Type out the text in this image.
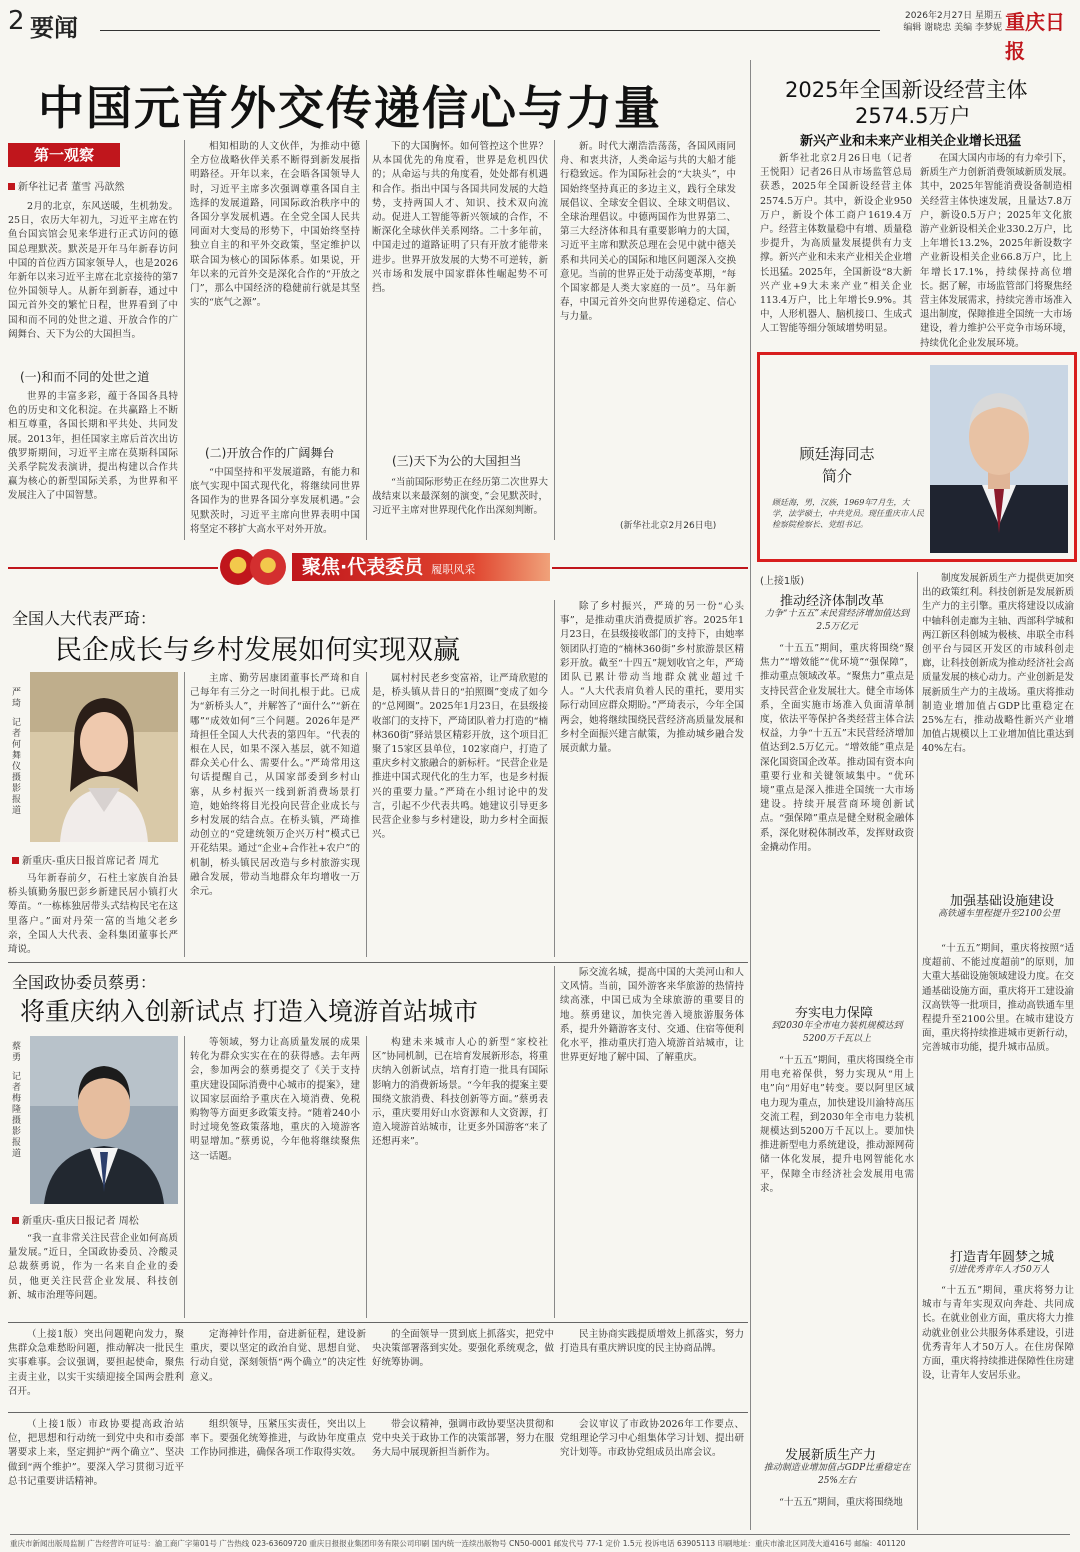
2 要闻	2026年2月27日 星期五
编辑 谢晓忠 美编 李梦妮 重庆日报
中国元首外交传递信心与力量
第一观察
新华社记者 董雪 冯歆然
2月的北京，东风送暖，生机勃发。25日，农历大年初九，习近平主席在钓鱼台国宾馆会见来华进行正式访问的德国总理默茨。默茨是开年马年新春访问中国的首位西方国家领导人，也是2026年新年以来习近平主席在北京接待的第7位外国领导人。从新年到新春，通过中国元首外交的繁忙日程，世界看到了中国和而不同的处世之道、开放合作的广阔舞台、天下为公的大国担当。
(一)和而不同的处世之道
世界的丰富多彩，蕴于各国各具特色的历史和文化积淀。在共赢路上不断相互尊重，各国长期和平共处、共同发展。2013年，担任国家主席后首次出访俄罗斯期间，习近平主席在莫斯科国际关系学院发表演讲，提出构建以合作共赢为核心的新型国际关系，为世界和平发展注入了中国智慧。
相知相助的人文伙伴，为推动中德全方位战略伙伴关系不断得到新发展指明路径。开年以来，在会晤各国领导人时，习近平主席多次强调尊重各国自主选择的发展道路，同国际政治秩序中的各国分享发展机遇。在全党全国人民共同面对大变局的形势下，中国始终坚持独立自主的和平外交政策，坚定维护以联合国为核心的国际体系。如果说，开年以来的元首外交是深化合作的“开放之门”，那么中国经济的稳健前行就是其坚实的“底气之源”。
(二)开放合作的广阔舞台
“中国坚持和平发展道路，有能力和底气实现中国式现代化，将继续同世界各国作为的世界各国分享发展机遇。”会见默茨时，习近平主席向世界表明中国将坚定不移扩大高水平对外开放。
下的大国胸怀。如何管控这个世界？从本国优先的角度看，世界是危机四伏的；从命运与共的角度看，处处都有机遇和合作。指出中国与各国共同发展的大趋势，支持两国人才、知识、技术双向流动。促进人工智能等新兴领域的合作，不断深化全球伙伴关系网络。二十多年前，中国走过的道路证明了只有开放才能带来进步。世界开放发展的大势不可逆转，新兴市场和发展中国家群体性崛起势不可挡。
(三)天下为公的大国担当
“当前国际形势正在经历第二次世界大战结束以来最深刻的演变，”会见默茨时，习近平主席对世界现代化作出深刻判断。
新。时代大潮浩浩荡荡，各国风雨同舟、和衷共济，人类命运与共的大船才能行稳致远。作为国际社会的“大块头”，中国始终坚持真正的多边主义，践行全球发展倡议、全球安全倡议、全球文明倡议、全球治理倡议。中德两国作为世界第二、第三大经济体和具有重要影响力的大国，习近平主席和默茨总理在会见中就中德关系和共同关心的国际和地区问题深入交换意见。当前的世界正处于动荡变革期，“每个国家都是人类大家庭的一员”。马年新春，中国元首外交向世界传递稳定、信心与力量。
(新华社北京2月26日电)
2025年全国新设经营主体
2574.5万户
新兴产业和未来产业相关企业增长迅猛
新华社北京2月26日电（记者 王悦阳）记者26日从市场监管总局获悉，2025年全国新设经营主体2574.5万户。其中，新设企业950万户，新设个体工商户1619.4万户。经营主体数量稳中有增、质量稳步提升，为高质量发展提供有力支撑。新兴产业和未来产业相关企业增长迅猛。2025年，全国新设“8大新兴产业+9大未来产业”相关企业113.4万户，比上年增长9.9%。其中，人形机器人、脑机接口、生成式人工智能等细分领域增势明显。
在国大国内市场的有力牵引下，新质生产力创新消费领域新质发展。其中，2025年智能消费设备制造相关经营主体快速发展，且量达7.8万户，新设0.5万户；2025年文化旅游产业新设相关企业330.2万户，比上年增长13.2%，2025年新设数字产业新设相关企业66.8万户，比上年增长17.1%，持续保持高位增长。据了解，市场监管部门将聚焦经营主体发展需求，持续完善市场准入退出制度，保障推进全国统一大市场建设，着力维护公平竞争市场环境，持续优化企业发展环境。
顾廷海同志
简介
顾廷海，男，汉族，1969年7月生，大学，法学硕士，中共党员。现任重庆市人民检察院检察长、党组书记。
聚焦·代表委员 履职风采
全国人大代表严琦：
民企成长与乡村发展如何实现双赢
严琦
记者 何舞仪 摄影报道
新重庆-重庆日报首席记者 周尤
马年新春前夕，石柱土家族自治县桥头镇勤务服巴彭乡新建民居小镇打火筹苗。“一栋栋独居带头式结构民宅在这里落户。”面对丹荣一富的当地父老乡亲，全国人大代表、金科集团董事长严琦说。
主席、勤劳居康团董事长严琦和自己每年有三分之一时间扎根于此。已成为“新桥头人”，并解答了“面什么”“新在哪”“成效如何”三个问题。2026年是严琦担任全国人大代表的第四年。“代表的根在人民，如果不深入基层，就不知道群众关心什么、需要什么。”严琦常用这句话提醒自己，从国家部委到乡村山寨，从乡村振兴一线到新消费场景打造，她始终将目光投向民营企业成长与乡村发展的结合点。在桥头镇，严琦推动创立的“党建统领万企兴万村”模式已开花结果。通过“企业+合作社+农户”的机制，桥头镇民居改造与乡村旅游实现融合发展，带动当地群众年均增收一万余元。
属村村民老乡变富裕，让严琦欣慰的是，桥头镇从昔日的“拍照圈”变成了如今的“总网圈”。2025年1月23日，在县级接收部门的支持下，严琦团队着力打造的“楠林360街”驿站景区精彩开放，这个项目汇聚了15家区县单位，102家商户，打造了重庆乡村文旅融合的新标杆。“民营企业是推进中国式现代化的生力军，也是乡村振兴的重要力量。”严琦在小组讨论中的发言，引起不少代表共鸣。她建议引导更多民营企业参与乡村建设，助力乡村全面振兴。
除了乡村振兴，严琦的另一份“心头事”，是推动重庆消费提质扩容。2025年1月23日，在县级接收部门的支持下，由她率领团队打造的“楠林360街”乡村旅游景区精彩开放。截至“十四五”规划收官之年，严琦团队已累计带动当地群众就业超过千人。“人大代表肩负着人民的重托，要用实际行动回应群众期盼。”严琦表示，今年全国两会，她将继续围绕民营经济高质量发展和乡村全面振兴建言献策，为推动城乡融合发展贡献力量。
全国政协委员蔡勇：
将重庆纳入创新试点 打造入境游首站城市
蔡勇
记者 梅隆 摄影报道
新重庆-重庆日报记者 周松
“我一直非常关注民营企业如何高质量发展。”近日，全国政协委员、冷酸灵总裁蔡勇说，作为一名来自企业的委员，他更关注民营企业发展、科技创新、城市治理等问题。
等领域，努力让高质量发展的成果转化为群众实实在在的获得感。去年两会，参加两会的蔡勇提交了《关于支持重庆建设国际消费中心城市的提案》，建议国家层面给予重庆在入境消费、免税购物等方面更多政策支持。“随着240小时过境免签政策落地，重庆的入境游客明显增加。”蔡勇说，今年他将继续聚焦这一话题。
构建未来城市人心的新型“家校社区”协同机制，已在培育发展新形态，将重庆纳入创新试点，培育打造一批具有国际影响力的消费新场景。“今年我的提案主要围绕文旅消费、科技创新等方面。”蔡勇表示，重庆要用好山水资源和人文资源，打造入境游首站城市，让更多外国游客“来了还想再来”。
际交流名城，提高中国的大美河山和人文风情。当前，国外游客来华旅游的热情持续高涨，中国已成为全球旅游的重要目的地。蔡勇建议，加快完善入境旅游服务体系，提升外籍游客支付、交通、住宿等便利化水平，推动重庆打造入境游首站城市，让世界更好地了解中国、了解重庆。
（上接1版）突出问题靶向发力，聚焦群众急难愁盼问题，推动解决一批民生实事难事。会议强调，要担起使命，聚焦主责主业，以实干实绩迎接全国两会胜利召开。
定海神针作用，奋进新征程，建设新重庆，要以坚定的政治自觉、思想自觉、行动自觉，深刻领悟“两个确立”的决定性意义。
的全面领导一贯到底上抓落实，把党中央决策部署落到实处。要强化系统观念，做好统筹协调。
民主协商实践提质增效上抓落实，努力打造具有重庆辨识度的民主协商品牌。
（上接1版）市政协要提高政治站位，把思想和行动统一到党中央和市委部署要求上来，坚定拥护“两个确立”、坚决做到“两个维护”。要深入学习贯彻习近平总书记重要讲话精神。
组织领导，压紧压实责任，突出以上率下。要强化统筹推进，与政协年度重点工作协同推进，确保各项工作取得实效。
带会议精神，强调市政协要坚决贯彻和党中央关于政协工作的决策部署，努力在服务大局中展现新担当新作为。
会议审议了市政协2026年工作要点、党组理论学习中心组集体学习计划、提出研究计划等。市政协党组成员出席会议。
(上接1版)
推动经济体制改革
力争“十五五”末民营经济增加值达到2.5万亿元
“十五五”期间，重庆将围绕“聚焦力”“增效能”“优环境”“强保障”，推动重点领域改革。“聚焦力”重点是支持民营企业发展壮大。健全市场体系，全面实施市场准入负面清单制度，依法平等保护各类经营主体合法权益，力争“十五五”末民营经济增加值达到2.5万亿元。“增效能”重点是深化国资国企改革。推动国有资本向重要行业和关键领域集中。“优环境”重点是深入推进全国统一大市场建设。持续开展营商环境创新试点。“强保障”重点是健全财税金融体系，深化财税体制改革，发挥财政资金撬动作用。
夯实电力保障
到2030年全市电力装机规模达到5200万千瓦以上
“十五五”期间，重庆将围绕全市用电充裕保供，努力实现从“用上电”向“用好电”转变。要以阿里区域电力现为重点，加快建设川渝特高压交流工程，到2030年全市电力装机规模达到5200万千瓦以上。要加快推进新型电力系统建设，推动源网荷储一体化发展，提升电网智能化水平，保障全市经济社会发展用电需求。
发展新质生产力
推动制造业增加值占GDP比重稳定在25%左右
“十五五”期间，重庆将围绕地
制度发展新质生产力提供更加突出的政策红利。科技创新是发展新质生产力的主引擎。重庆将建设以成渝中轴科创走廊为主轴、西部科学城和两江新区科创城为极核、串联全市科创平台与园区开发区的市域科创走廊，让科技创新成为推动经济社会高质量发展的核心动力。产业创新是发展新质生产力的主战场。重庆将推动制造业增加值占GDP比重稳定在25%左右，推动战略性新兴产业增加值占规模以上工业增加值比重达到40%左右。
加强基础设施建设
高铁通车里程提升至2100公里
“十五五”期间，重庆将按照“适度超前、不能过度超前”的原则，加大重大基础设施领域建设力度。在交通基础设施方面，重庆将开工建设渝汉高铁等一批项目，推动高铁通车里程提升至2100公里。在城市建设方面，重庆将持续推进城市更新行动，完善城市功能，提升城市品质。
打造青年圆梦之城
引进优秀青年人才50万人
“十五五”期间，重庆将努力让城市与青年实现双向奔赴、共同成长。在就业创业方面，重庆将大力推动就业创业公共服务体系建设，引进优秀青年人才50万人。在住房保障方面，重庆将持续推进保障性住房建设，让青年人安居乐业。
重庆市新闻出版局监制 广告经营许可证号：渝工商广字第01号 广告热线 023-63609720 重庆日报报业集团印务有限公司印刷 国内统一连续出版物号 CN50-0001 邮发代号 77-1 定价 1.5元 投诉电话 63905113 印刷地址：重庆市渝北区同茂大道416号 邮编：401120
